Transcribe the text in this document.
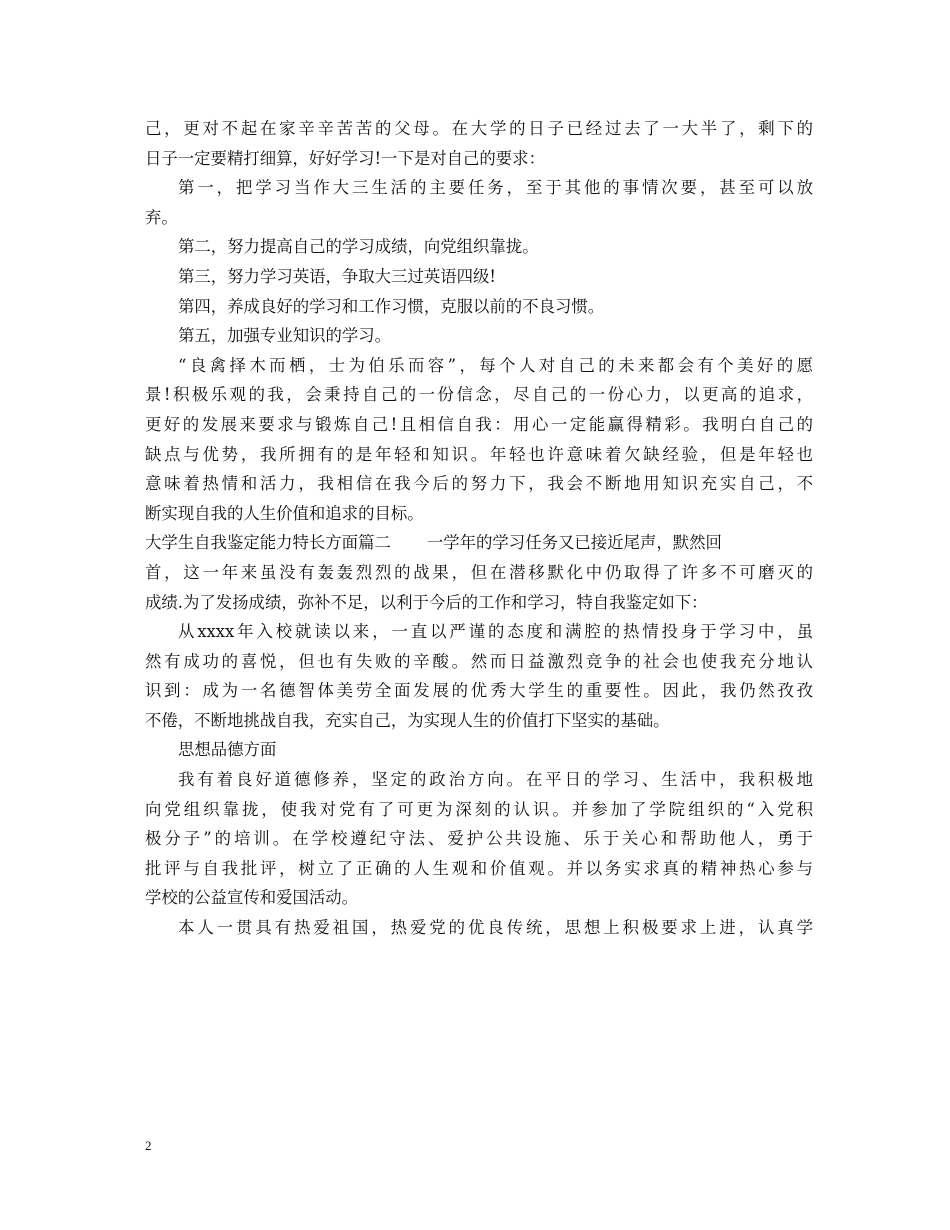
己，更对不起在家辛辛苦苦的父母。在大学的日子已经过去了一大半了，剩下的
日子一定要精打细算，好好学习!一下是对自己的要求：
第一，把学习当作大三生活的主要任务，至于其他的事情次要，甚至可以放
弃。
第二，努力提高自己的学习成绩，向党组织靠拢。
第三，努力学习英语，争取大三过英语四级!
第四，养成良好的学习和工作习惯，克服以前的不良习惯。
第五，加强专业知识的学习。
“良禽择木而栖，士为伯乐而容”，每个人对自己的未来都会有个美好的愿
景!积极乐观的我，会秉持自己的一份信念，尽自己的一份心力，以更高的追求，
更好的发展来要求与锻炼自己!且相信自我：用心一定能赢得精彩。我明白自己的
缺点与优势，我所拥有的是年轻和知识。年轻也许意味着欠缺经验，但是年轻也
意味着热情和活力，我相信在我今后的努力下，我会不断地用知识充实自己，不
断实现自我的人生价值和追求的目标。
大学生自我鉴定能力特长方面篇二 一学年的学习任务又已接近尾声，默然回
首，这一年来虽没有轰轰烈烈的战果，但在潜移默化中仍取得了许多不可磨灭的
成绩.为了发扬成绩，弥补不足，以利于今后的工作和学习，特自我鉴定如下：
从xxxx年入校就读以来，一直以严谨的态度和满腔的热情投身于学习中，虽
然有成功的喜悦，但也有失败的辛酸。然而日益激烈竞争的社会也使我充分地认
识到：成为一名德智体美劳全面发展的优秀大学生的重要性。因此，我仍然孜孜
不倦，不断地挑战自我，充实自己，为实现人生的价值打下坚实的基础。
思想品德方面
我有着良好道德修养，坚定的政治方向。在平日的学习、生活中，我积极地
向党组织靠拢，使我对党有了可更为深刻的认识。并参加了学院组织的“入党积
极分子”的培训。在学校遵纪守法、爱护公共设施、乐于关心和帮助他人，勇于
批评与自我批评，树立了正确的人生观和价值观。并以务实求真的精神热心参与
学校的公益宣传和爱国活动。
本人一贯具有热爱祖国，热爱党的优良传统，思想上积极要求上进，认真学
2
